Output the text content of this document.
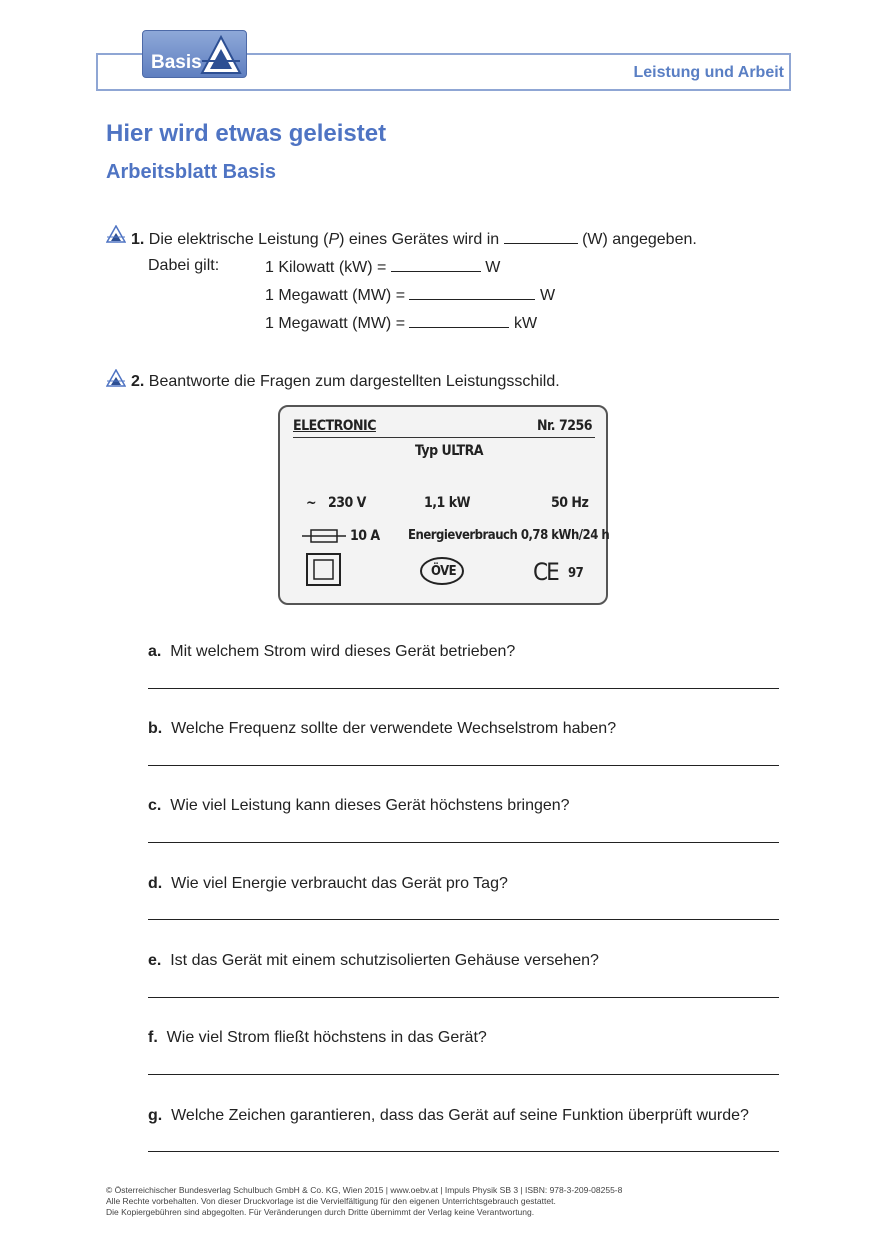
Basis	Leistung und Arbeit
Hier wird etwas geleistet
Arbeitsblatt Basis
1. Die elektrische Leistung (P) eines Gerätes wird in	(W) angegeben.
Dabei gilt:	1 Kilowatt (kW) =	W
1 Megawatt (MW) =	W
1 Megawatt (MW) =	kW
2. Beantworte die Fragen zum dargestellten Leistungsschild.
ELECTRONIC	Nr. 7256
Typ ULTRA
~ 230 V	1,1 kW	50 Hz
10 A Energieverbrauch 0,78 kWh/24 h
ÖVE	CE 97
a. Mit welchem Strom wird dieses Gerät betrieben?
b. Welche Frequenz sollte der verwendete Wechselstrom haben?
c. Wie viel Leistung kann dieses Gerät höchstens bringen?
d. Wie viel Energie verbraucht das Gerät pro Tag?
e. Ist das Gerät mit einem schutzisolierten Gehäuse versehen?
f. Wie viel Strom fließt höchstens in das Gerät?
g. Welche Zeichen garantieren, dass das Gerät auf seine Funktion überprüft wurde?
© Österreichischer Bundesverlag Schulbuch GmbH & Co. KG, Wien 2015 | www.oebv.at | Impuls Physik SB 3 | ISBN: 978-3-209-08255-8
Alle Rechte vorbehalten. Von dieser Druckvorlage ist die Vervielfältigung für den eigenen Unterrichtsgebrauch gestattet.
Die Kopiergebühren sind abgegolten. Für Veränderungen durch Dritte übernimmt der Verlag keine Verantwortung.
